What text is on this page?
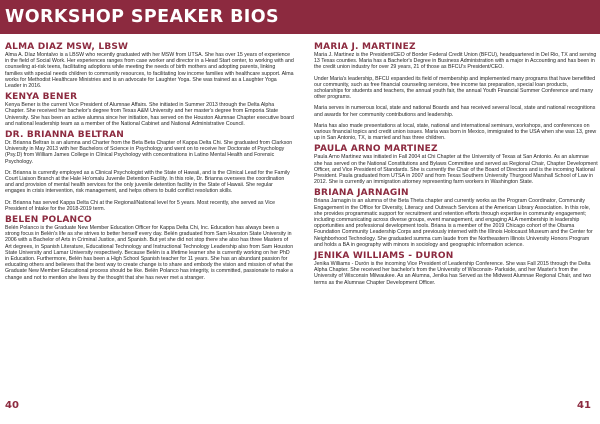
WORKSHOP SPEAKER BIOS
ALMA DIAZ MSW, LBSW

Alma A. Díaz Montalvo is a LBSW who recently graduated with her MSW from UTSA. She has over 15 years of experience in the field of Social Work. Her experiences ranges from case worker and director in a Head Start center, to working with and counseling at-risk teens, facilitating adoptions while meeting the needs of birth mothers and adopting parents, linking families with special needs children to community resources, to facilitating low income families with healthcare support. Alma works for Methodist Healthcare Ministries and is an advocate for Laughter Yoga. She was trained as a Laughter Yoga Leader in 2016.

KENYA BENER

Kenya Bener is the current Vice President of Alumnae Affairs. She initiated in Summer 2013 through the Delta Alpha Chapter. She received her bachelor's degree from Texas A&M University and her master's degree from Emporia State University. She has been an active alumna since her initiation, has served on the Houston Alumnae Chapter executive board and national leadership team as a member of the National Cabinet and National Administrative Council.

DR. BRIANNA BELTRAN

Dr. Brianna Beltran is an alumna and Charter from the Beta Beta Chapter of Kappa Delta Chi. She graduated from Clarkson University in May 2013 with her Bachelors of Science in Psychology and went on to receive her Doctorate of Psychology (Psy.D) from William James College in Clinical Psychology with concentrations in Latino Mental Health and Forensic Psychology.

Dr. Brianna is currently employed as a Clinical Psychologist with the State of Hawaii, and is the Clinical Lead for the Family Court Liaison Branch at the Hale Ho'omalu Juvenile Detention Facility. In this role, Dr. Brianna oversees the coordination and and provision of mental health services for the only juvenile detention facility in the State of Hawaii. She regular engages in crisis intervention, risk management, and helps others to build conflict resolution skills.

Dr. Brianna has served Kappa Delta Chi at the Regional/National level for 5 years. Most recently, she served as Vice President of Intake for the 2018-2019 term.

BELEN POLANCO

Belén Polanco is the Graduate New Member Education Officer for Kappa Delta Chi, Inc. Education has always been a strong focus in Belén's life as she strives to better herself every day. Belén graduated from Sam Houston State University in 2006 with a Bachelor of Arts in Criminal Justice, and Spanish. But yet she did not stop there she also has three Masters of Art degrees, in Spanish Literature, Educational Technology and Instructional Technology Leadership also from Sam Houston State University and Lamar University respectively. Because Belén is a lifetime learner she is currently working on her PhD in Education. Furthermore, Belén has been a High School Spanish teacher for 11 years. She has an abundant passion for educating others and believes that the best way to create change is to share and embody the vision and mission of what the Graduate New Member Educational process should be like. Belén Polanco has integrity, is committed, passionate to make a change and not to mention she lives by the thought that she has never met a stranger.

MARIA J. MARTINEZ

Maria J. Martinez is the President/CEO of Border Federal Credit Union (BFCU), headquartered in Del Rio, TX and serving 13 Texas counties. Maria has a Bachelor's Degree in Business Administration with a major in Accounting and has been in the credit union industry for over 29 years, 21 of those as BFCU's President/CEO.

Under Maria's leadership, BFCU expanded its field of membership and implemented many programs that have benefitted our community, such as free financial counseling services, free income tax preparation, special loan products, scholarships for students and teachers, the annual youth fair, the annual Youth Financial Summer Conference and many other programs.

Maria serves in numerous local, state and national Boards and has received several local, state and national recognitions and awards for her community contributions and leadership.

Maria has also made presentations at local, state, national and international seminars, workshops, and conferences on various financial topics and credit union issues. Maria was born in Mexico, immigrated to the USA when she was 13, grew up in San Antonio, TX, is married and has three children.

PAULA ARNO MARTINEZ

Paula Arno Martinez was initiated in Fall 2004 at Chi Chapter at the University of Texas at San Antonio. As an alumnae she has served on the National Constitutions and Bylaws Committee and served as Regional Chair, Chapter Development Officer, and Vice President of Standards. She is currently the Chair of the Board of Directors and is the incoming National President. Paula graduated from UTSA in 2007 and from Texas Southern University Thurgood Marshall School of Law in 2012. She is currently an immigration attorney representing farm workers in Washington State.

BRIANA JARNAGIN

Briana Jarnagin is an alumna of the Beta Theta chapter and currently works as the Program Coordinator, Community Engagement in the Office for Diversity, Literacy and Outreach Services at the American Library Association. In this role, she provides programmatic support for recruitment and retention efforts through expertise in community engagement; including communicating across diverse groups, event management, and engaging ALA membership in leadership opportunities and professional development tools. Briana is a member of the 2019 Chicago cohort of the Obama Foundation Community Leadership Corps and previously interned with the Illinois Holocaust Museum and the Center for Neighborhood Technology. She graduated summa cum laude from the Northeastern Illinois University Honors Program and holds a BA in geography with minors in sociology and geographic information science.

JENIKA WILLIAMS - DURON

Jenika Williams - Durón is the incoming Vice President of Leadership Conference. She was Fall 2015 through the Delta Alpha Chapter. She received her bachelor's from the University of Wisconsin- Parkside, and her Master's from the University of Wisconsin Milwaukee. As an Alumna, Jenika has Served as the Midwest Alumnae Regional Chair, and two terms as the Alumnae Chapter Development Officer.

40	41
